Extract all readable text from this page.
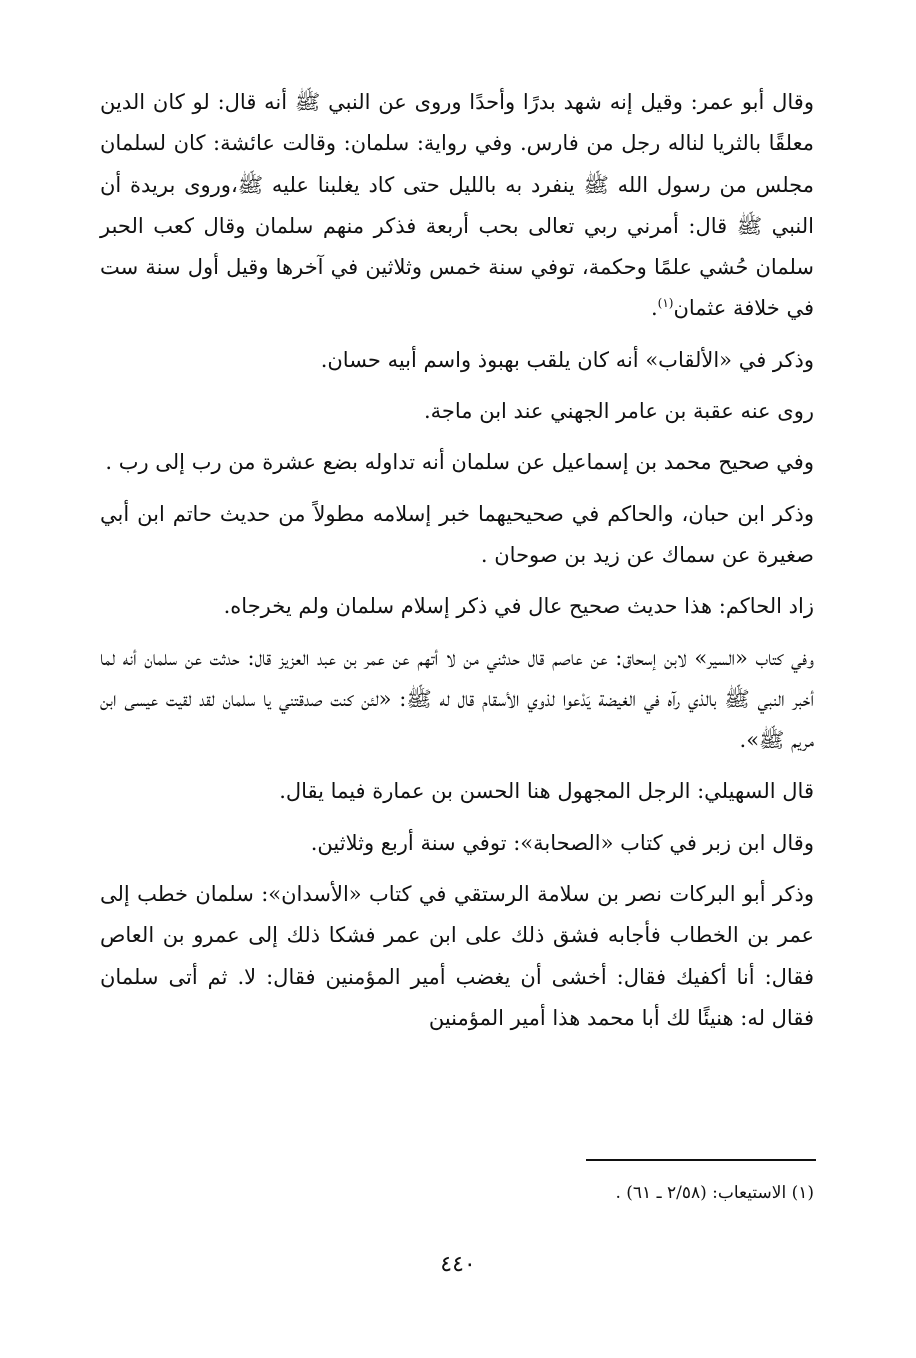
وقال أبو عمر: وقيل إنه شهد بدرًا وأحدًا وروى عن النبي ﷺ أنه قال: لو كان الدين معلقًا بالثريا لناله رجل من فارس. وفي رواية: سلمان: وقالت عائشة: كان لسلمان مجلس من رسول الله ﷺ ينفرد به بالليل حتى كاد يغلبنا عليه ﷺ،وروى بريدة أن النبي ﷺ قال: أمرني ربي تعالى بحب أربعة فذكر منهم سلمان وقال كعب الحبر سلمان حُشي علمًا وحكمة، توفي سنة خمس وثلاثين في آخرها وقيل أول سنة ست في خلافة عثمان$^{(١)}$.

وذكر في «الألقاب» أنه كان يلقب بهبوذ واسم أبيه حسان.

روى عنه عقبة بن عامر الجهني عند ابن ماجة.

وفي صحيح محمد بن إسماعيل عن سلمان أنه تداوله بضع عشرة من رب إلى رب .

وذكر ابن حبان، والحاكم في صحيحيهما خبر إسلامه مطولاً من حديث حاتم ابن أبي صغيرة عن سماك عن زيد بن صوحان .

زاد الحاكم: هذا حديث صحيح عال في ذكر إسلام سلمان ولم يخرجاه.

وفي كتاب «السير» لابن إسحاق: عن عاصم قال حدثني من لا أتهم عن عمر بن عبد العزيز قال: حدثت عن سلمان أنه لما أخبر النبي ﷺ بالذي رآه في الغيضة يَدْعوا لذوي الأسقام قال له ﷺ: «لئن كنت صدقتني يا سلمان لقد لقيت عيسى ابن مريم ﷺ».

قال السهيلي: الرجل المجهول هنا الحسن بن عمارة فيما يقال.

وقال ابن زبر في كتاب «الصحابة»: توفي سنة أربع وثلاثين.

وذكر أبو البركات نصر بن سلامة الرستقي في كتاب «الأسدان»: سلمان خطب إلى عمر بن الخطاب فأجابه فشق ذلك على ابن عمر فشكا ذلك إلى عمرو بن العاص فقال: أنا أكفيك فقال: أخشى أن يغضب أمير المؤمنين فقال: لا. ثم أتى سلمان فقال له: هنيئًا لك أبا محمد هذا أمير المؤمنين

(١) الاستيعاب: (٢/٥٨ ـ ٦١) .
٤٤٠
